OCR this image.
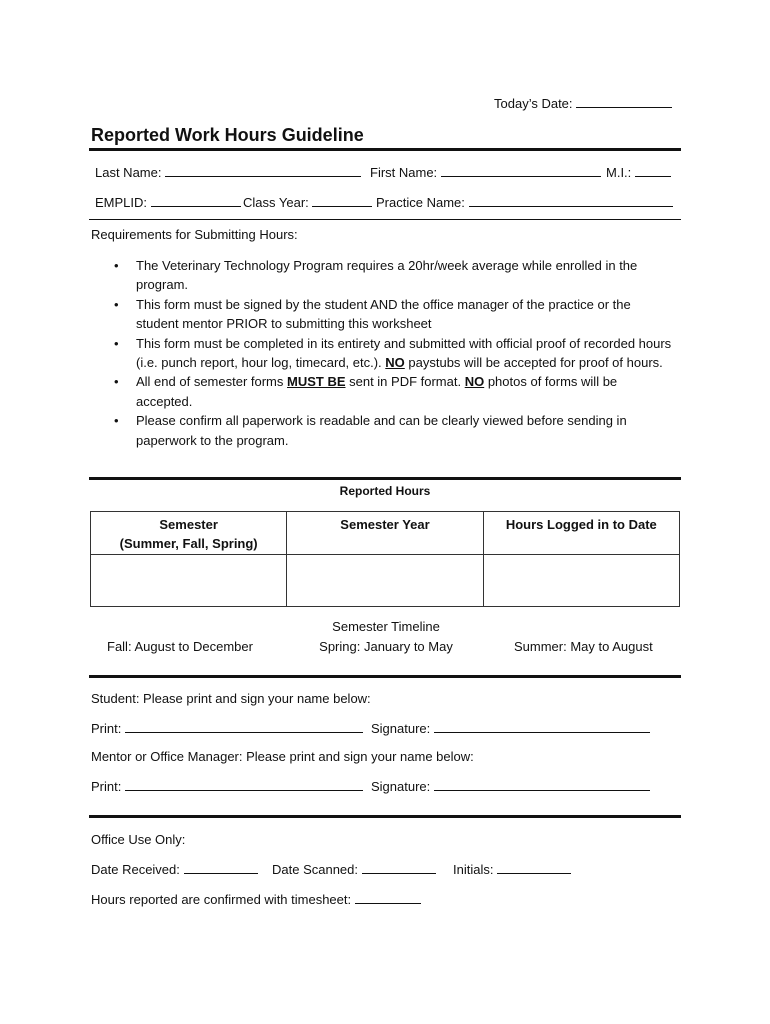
Today’s Date:
Reported Work Hours Guideline
Last Name:	First Name:	M.I.:
EMPLID:	Class Year:	Practice Name:
Requirements for Submitting Hours:
• The Veterinary Technology Program requires a 20hr/week average while enrolled in the program.
• This form must be signed by the student AND the office manager of the practice or the student mentor PRIOR to submitting this worksheet
• This form must be completed in its entirety and submitted with official proof of recorded hours (i.e. punch report, hour log, timecard, etc.). NO paystubs will be accepted for proof of hours.
• All end of semester forms MUST BE sent in PDF format. NO photos of forms will be accepted.
• Please confirm all paperwork is readable and can be clearly viewed before sending in paperwork to the program.
Reported Hours
Semester
(Summer, Fall, Spring)	Semester Year	Hours Logged in to Date

Semester Timeline
Fall: August to December	Spring: January to May	Summer: May to August
Student: Please print and sign your name below:
Print:	Signature:
Mentor or Office Manager: Please print and sign your name below:
Print:	Signature:
Office Use Only:
Date Received:	Date Scanned:	Initials:
Hours reported are confirmed with timesheet:
